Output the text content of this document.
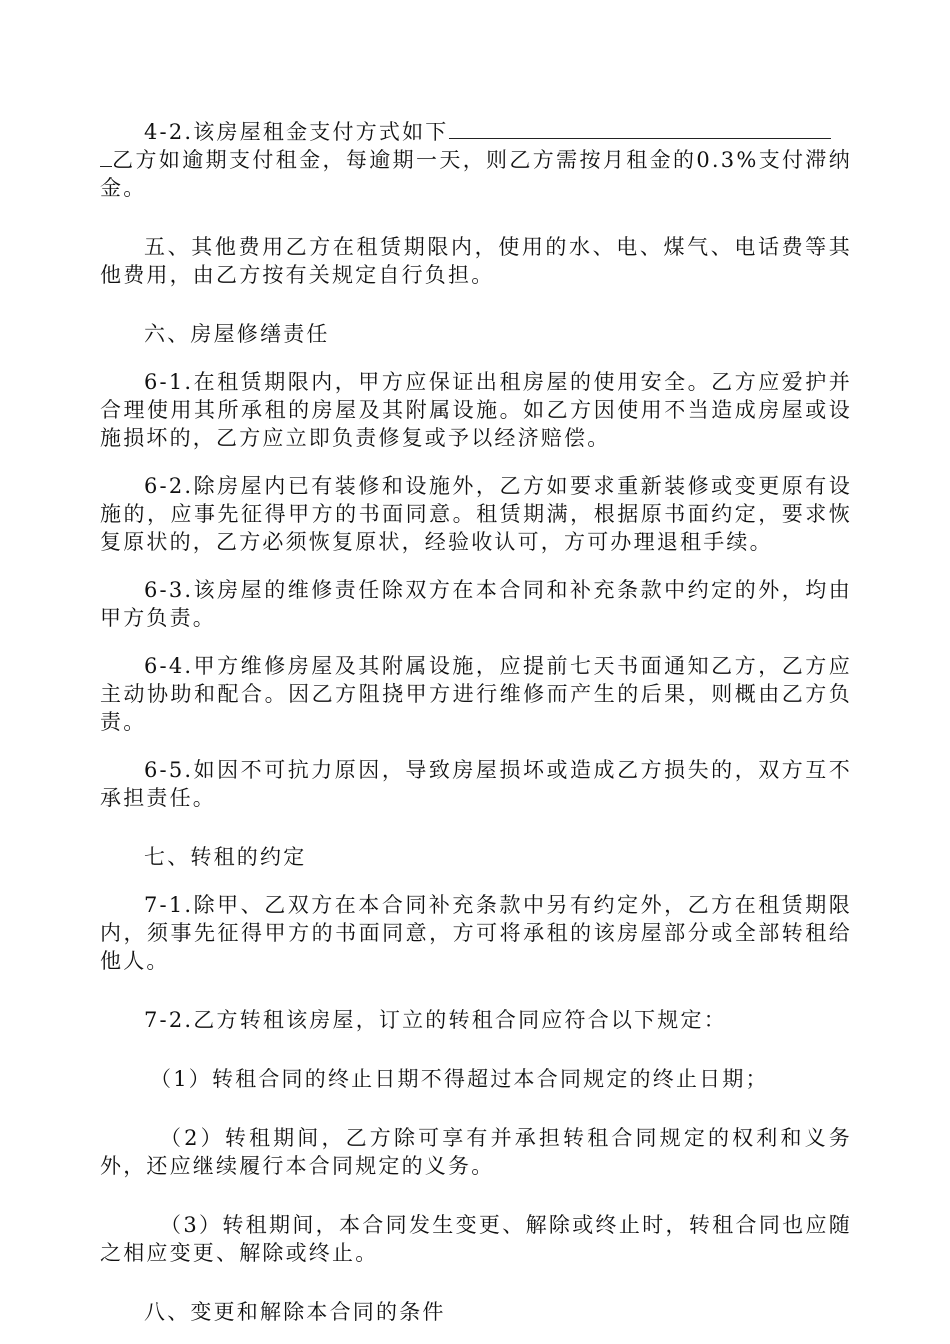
4-2.该房屋租金支付方式如下
乙方如逾期支付租金，每逾期一天，则乙方需按月租金的0.3%支付滞纳金。

五、其他费用乙方在租赁期限内，使用的水、电、煤气、电话费等其他费用，由乙方按有关规定自行负担。

六、房屋修缮责任

6-1.在租赁期限内，甲方应保证出租房屋的使用安全。乙方应爱护并合理使用其所承租的房屋及其附属设施。如乙方因使用不当造成房屋或设施损坏的，乙方应立即负责修复或予以经济赔偿。

6-2.除房屋内已有装修和设施外，乙方如要求重新装修或变更原有设施的，应事先征得甲方的书面同意。租赁期满，根据原书面约定，要求恢复原状的，乙方必须恢复原状，经验收认可，方可办理退租手续。

6-3.该房屋的维修责任除双方在本合同和补充条款中约定的外，均由甲方负责。

6-4.甲方维修房屋及其附属设施，应提前七天书面通知乙方，乙方应主动协助和配合。因乙方阻挠甲方进行维修而产生的后果，则概由乙方负责。

6-5.如因不可抗力原因，导致房屋损坏或造成乙方损失的，双方互不承担责任。

七、转租的约定

7-1.除甲、乙双方在本合同补充条款中另有约定外，乙方在租赁期限内，须事先征得甲方的书面同意，方可将承租的该房屋部分或全部转租给他人。

7-2.乙方转租该房屋，订立的转租合同应符合以下规定：

（1）转租合同的终止日期不得超过本合同规定的终止日期；

（2）转租期间，乙方除可享有并承担转租合同规定的权利和义务外，还应继续履行本合同规定的义务。

（3）转租期间，本合同发生变更、解除或终止时，转租合同也应随之相应变更、解除或终止。

八、变更和解除本合同的条件
